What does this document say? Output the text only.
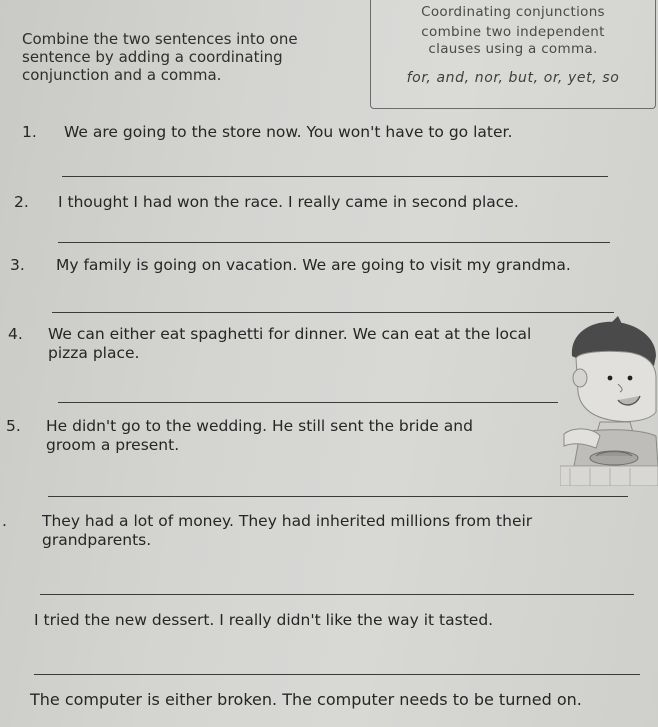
Combine the two sentences into one sentence by adding a coordinating conjunction and a comma.
Coordinating conjunctions
combine two independent clauses using a comma.
for, and, nor, but, or, yet, so
1. We are going to the store now. You won't have to go later.
2. I thought I had won the race. I really came in second place.
3. My family is going on vacation. We are going to visit my grandma.
4. We can either eat spaghetti for dinner. We can eat at the local pizza place.
5. He didn't go to the wedding. He still sent the bride and groom a present.
. They had a lot of money. They had inherited millions from their grandparents.
I tried the new dessert. I really didn't like the way it tasted.
The computer is either broken. The computer needs to be turned on.
